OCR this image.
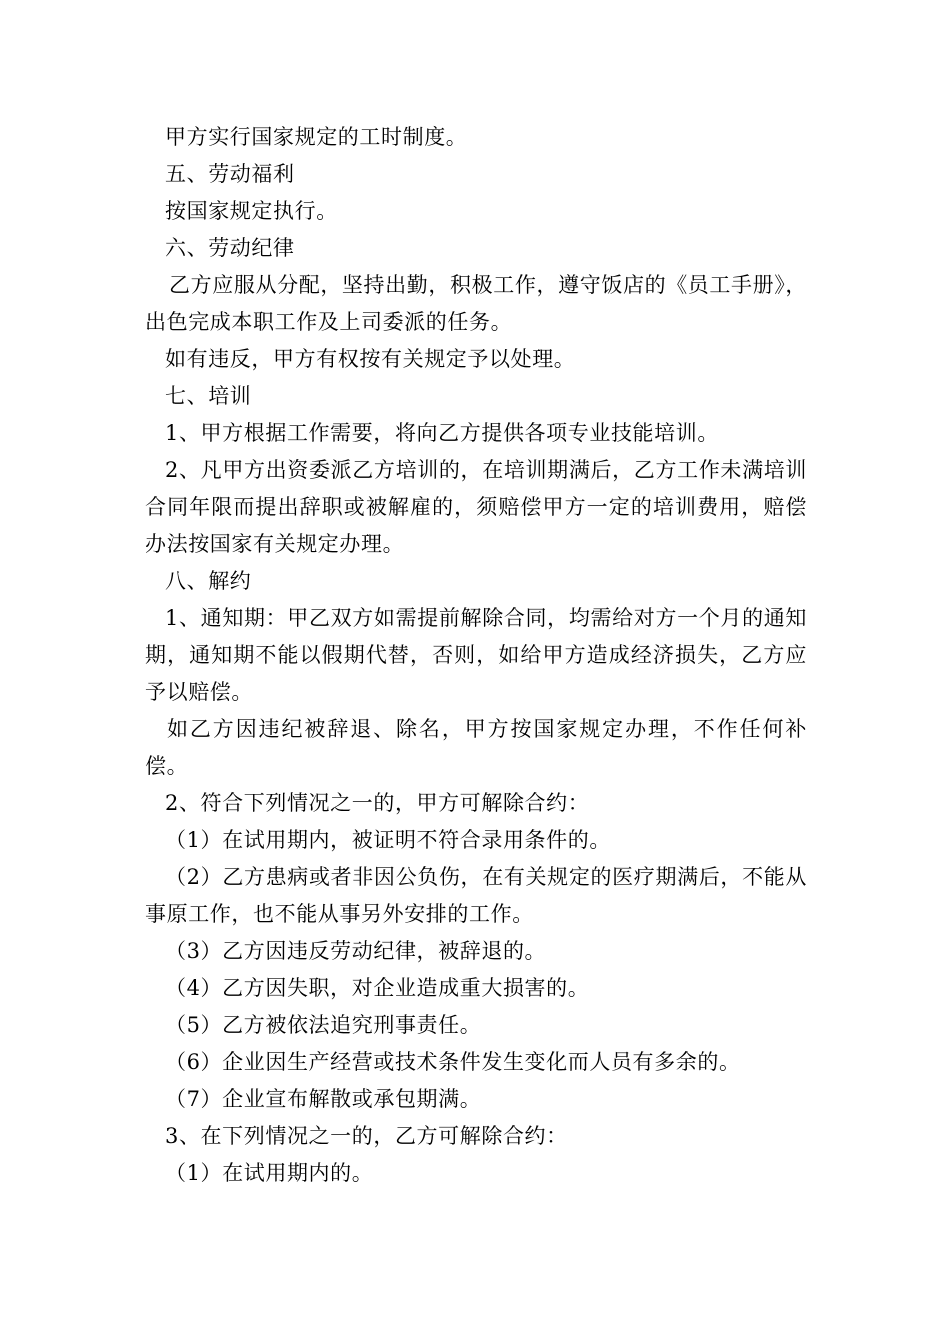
甲方实行国家规定的工时制度。

五、劳动福利

按国家规定执行。

六、劳动纪律

乙方应服从分配，坚持出勤，积极工作，遵守饭店的《员工手册》，出色完成本职工作及上司委派的任务。

如有违反，甲方有权按有关规定予以处理。

七、培训

1、甲方根据工作需要，将向乙方提供各项专业技能培训。

2、凡甲方出资委派乙方培训的，在培训期满后，乙方工作未满培训合同年限而提出辞职或被解雇的，须赔偿甲方一定的培训费用，赔偿办法按国家有关规定办理。

八、解约

1、通知期：甲乙双方如需提前解除合同，均需给对方一个月的通知期，通知期不能以假期代替，否则，如给甲方造成经济损失，乙方应予以赔偿。

如乙方因违纪被辞退、除名，甲方按国家规定办理，不作任何补偿。

2、符合下列情况之一的，甲方可解除合约：

（1）在试用期内，被证明不符合录用条件的。

（2）乙方患病或者非因公负伤，在有关规定的医疗期满后，不能从事原工作，也不能从事另外安排的工作。

（3）乙方因违反劳动纪律，被辞退的。

（4）乙方因失职，对企业造成重大损害的。

（5）乙方被依法追究刑事责任。

（6）企业因生产经营或技术条件发生变化而人员有多余的。

（7）企业宣布解散或承包期满。

3、在下列情况之一的，乙方可解除合约：

（1）在试用期内的。
